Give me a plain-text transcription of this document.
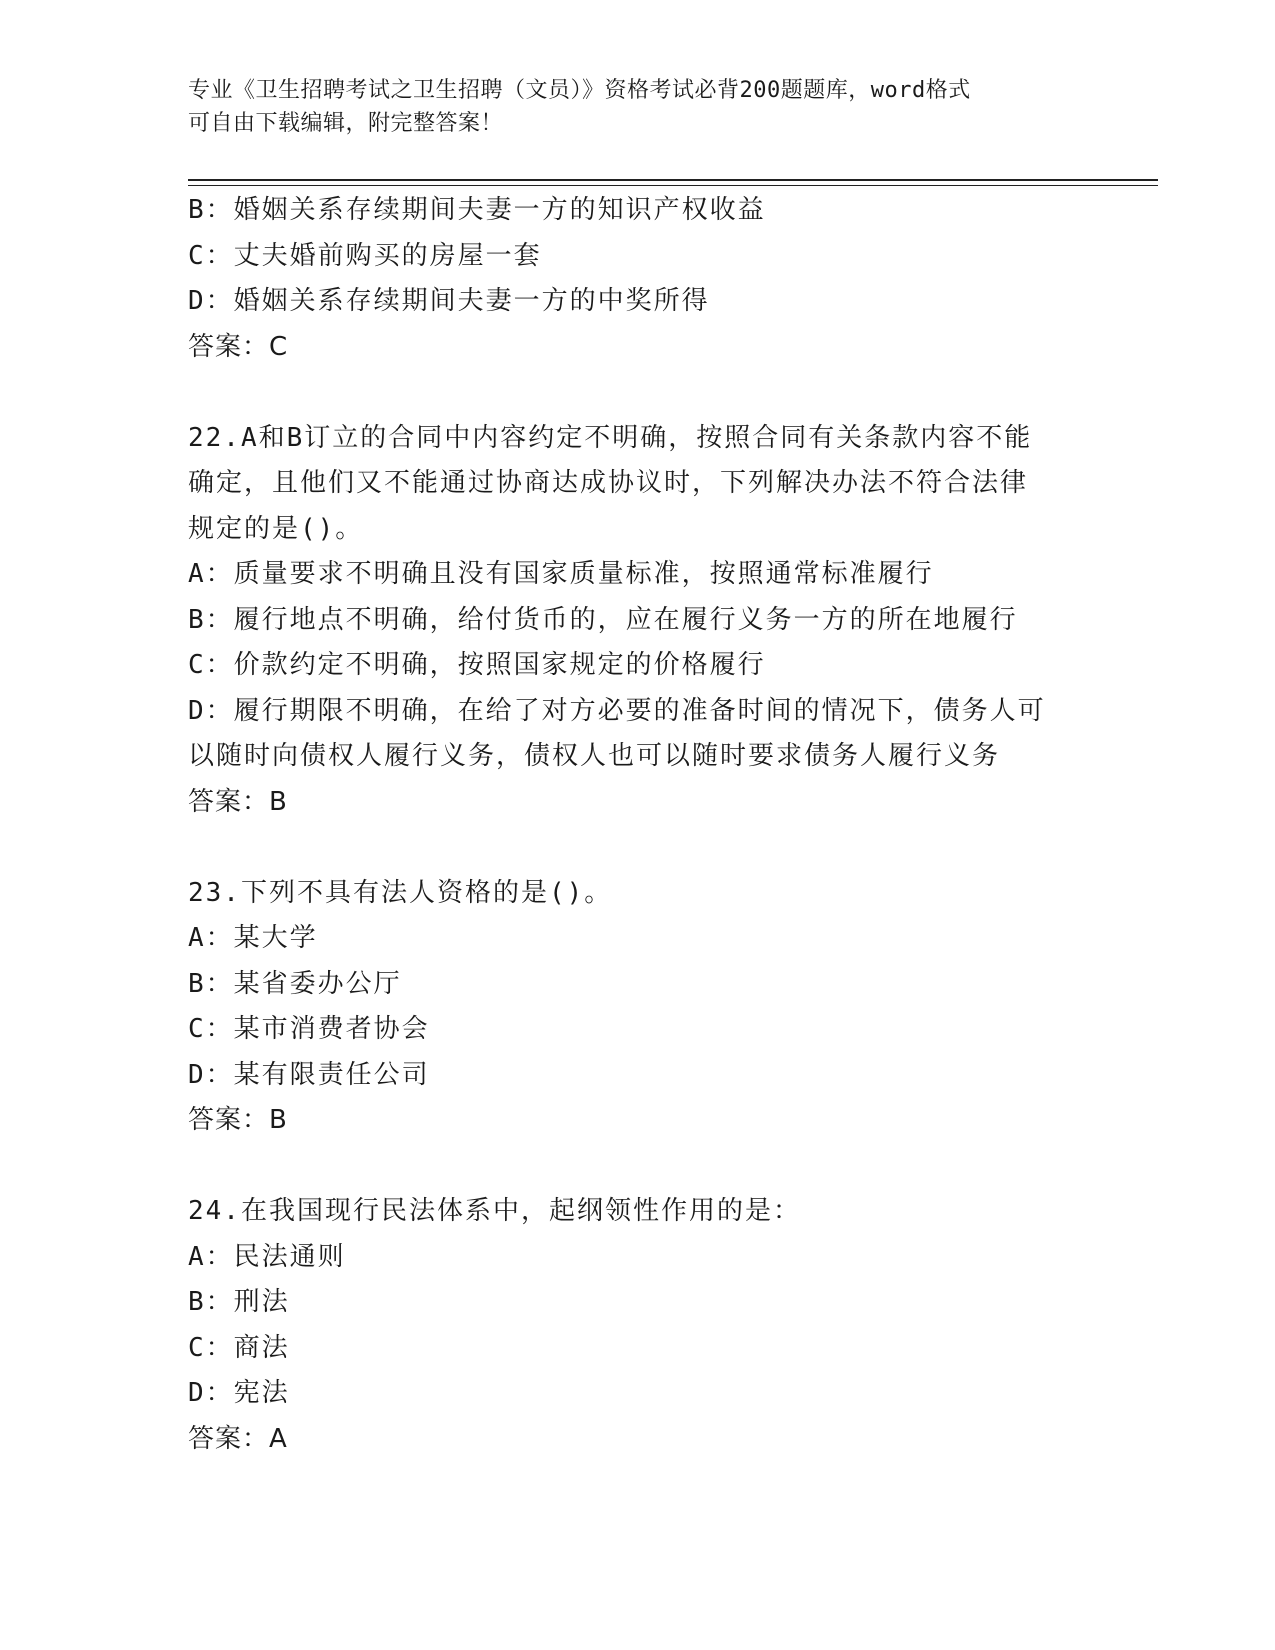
专业《卫生招聘考试之卫生招聘（文员）》资格考试必背200题题库，word格式
可自由下载编辑，附完整答案！
B：婚姻关系存续期间夫妻一方的知识产权收益
C：丈夫婚前购买的房屋一套
D：婚姻关系存续期间夫妻一方的中奖所得
答案：C
22.A和B订立的合同中内容约定不明确，按照合同有关条款内容不能
确定，且他们又不能通过协商达成协议时，下列解决办法不符合法律
规定的是()。
A：质量要求不明确且没有国家质量标准，按照通常标准履行
B：履行地点不明确，给付货币的，应在履行义务一方的所在地履行
C：价款约定不明确，按照国家规定的价格履行
D：履行期限不明确，在给了对方必要的准备时间的情况下，债务人可
以随时向债权人履行义务，债权人也可以随时要求债务人履行义务
答案：B
23.下列不具有法人资格的是()。
A：某大学
B：某省委办公厅
C：某市消费者协会
D：某有限责任公司
答案：B
24.在我国现行民法体系中，起纲领性作用的是：
A：民法通则
B：刑法
C：商法
D：宪法
答案：A
